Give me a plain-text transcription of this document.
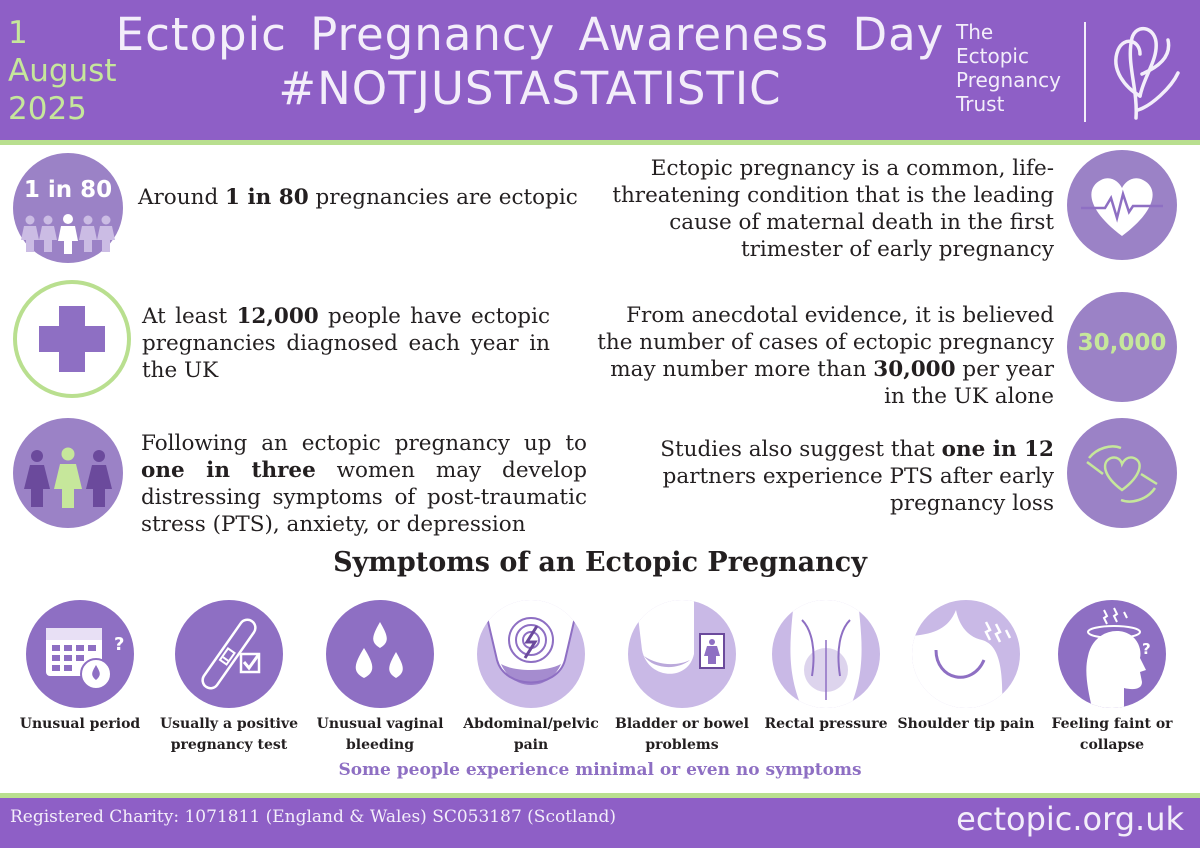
1 August 2025
Ectopic Pregnancy Awareness Day
#NOTJUSTASTATISTIC
The
Ectopic
Pregnancy
Trust
1 in 80	Around 1 in 80 pregnancies are ectopic
At least 12,000 people have ectopic pregnancies diagnosed each year in the UK
Following an ectopic pregnancy up to one in three women may develop distressing symptoms of post-traumatic stress (PTS), anxiety, or depression
Ectopic pregnancy is a common, life-threatening condition that is the leading cause of maternal death in the first trimester of early pregnancy
From anecdotal evidence, it is believed the number of cases of ectopic pregnancy may number more than 30,000 per year in the UK alone
30,000
Studies also suggest that one in 12 partners experience PTS after early pregnancy loss
Symptoms of an Ectopic Pregnancy
?
Unusual period	Usually a positive pregnancy test
Unusual vaginal bleeding
Abdominal/pelvic pain
Bladder or bowel problems
Rectal pressure Shoulder tip pain
?
Feeling faint or collapse
Some people experience minimal or even no symptoms
Registered Charity: 1071811 (England & Wales) SC053187 (Scotland)	ectopic.org.uk
